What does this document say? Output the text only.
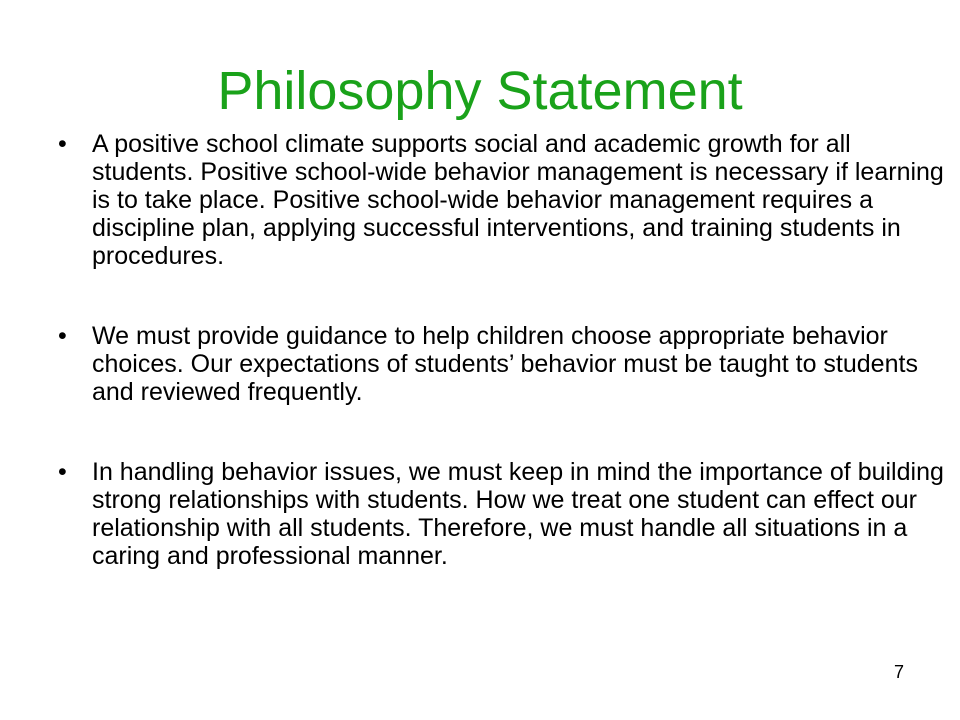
Philosophy Statement
•	A positive school climate supports social and academic growth for all students. Positive school-wide behavior management is necessary if learning is to take place. Positive school-wide behavior management requires a discipline plan, applying successful interventions, and training students in procedures.
•	We must provide guidance to help children choose appropriate behavior choices. Our expectations of students’ behavior must be taught to students and reviewed frequently.
•	In handling behavior issues, we must keep in mind the importance of building strong relationships with students. How we treat one student can effect our relationship with all students. Therefore, we must handle all situations in a caring and professional manner.
7
